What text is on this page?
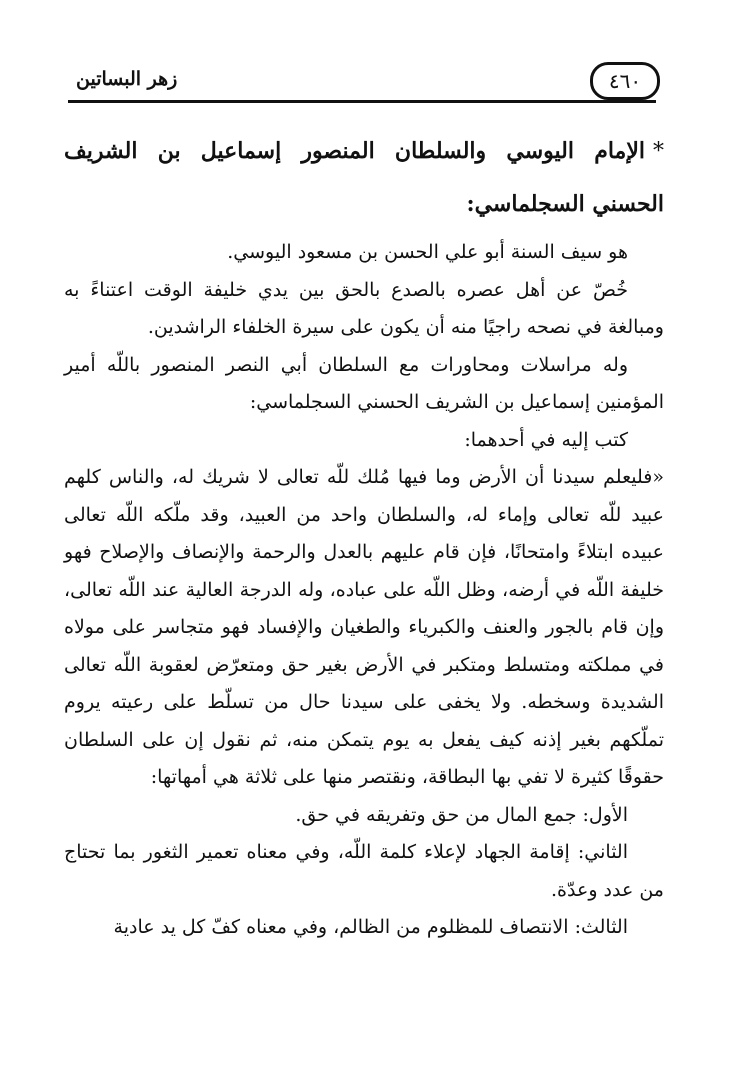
زهر البساتين	٤٦٠
*الإمام اليوسي والسلطان المنصور إسماعيل بن الشريف الحسني السجلماسي:

هو سيف السنة أبو علي الحسن بن مسعود اليوسي.

خُصّ عن أهل عصره بالصدع بالحق بين يدي خليفة الوقت اعتناءً به ومبالغة في نصحه راجيًا منه أن يكون على سيرة الخلفاء الراشدين.

وله مراسلات ومحاورات مع السلطان أبي النصر المنصور باللّه أمير المؤمنين إسماعيل بن الشريف الحسني السجلماسي:

كتب إليه في أحدهما:

«فليعلم سيدنا أن الأرض وما فيها مُلك للّه تعالى لا شريك له، والناس كلهم عبيد للّه تعالى وإماء له، والسلطان واحد من العبيد، وقد ملّكه اللّه تعالى عبيده ابتلاءً وامتحانًا، فإن قام عليهم بالعدل والرحمة والإنصاف والإصلاح فهو خليفة اللّه في أرضه، وظل اللّه على عباده، وله الدرجة العالية عند اللّه تعالى، وإن قام بالجور والعنف والكبرياء والطغيان والإفساد فهو متجاسر على مولاه في مملكته ومتسلط ومتكبر في الأرض بغير حق ومتعرّض لعقوبة اللّه تعالى الشديدة وسخطه. ولا يخفى على سيدنا حال من تسلّط على رعيته يروم تملّكهم بغير إذنه كيف يفعل به يوم يتمكن منه، ثم نقول إن على السلطان حقوقًا كثيرة لا تفي بها البطاقة، ونقتصر منها على ثلاثة هي أمهاتها:

الأول: جمع المال من حق وتفريقه في حق.

الثاني: إقامة الجهاد لإعلاء كلمة اللّه، وفي معناه تعمير الثغور بما تحتاج من عدد وعدّة.

الثالث: الانتصاف للمظلوم من الظالم، وفي معناه كفّ كل يد عادية
